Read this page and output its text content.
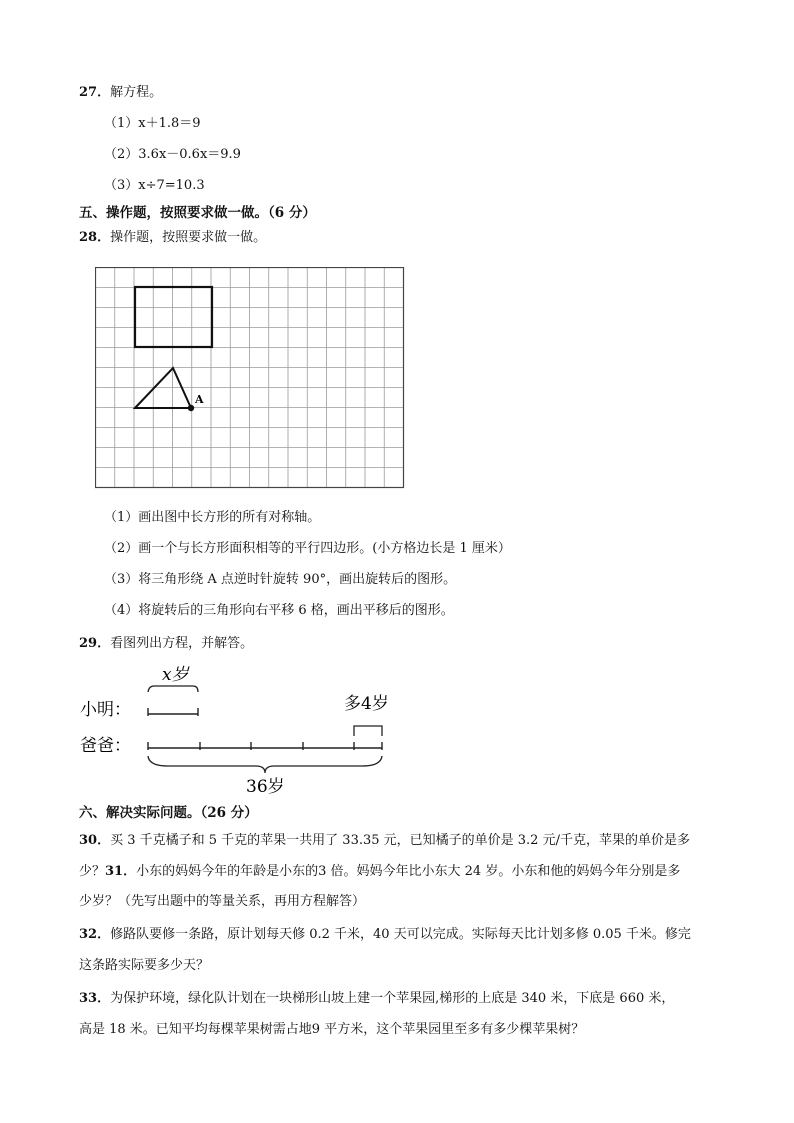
27．解方程。
（1）x＋1.8＝9
（2）3.6x－0.6x＝9.9
（3）x÷7=10.3
五、操作题，按照要求做一做。（6 分）
28．操作题，按照要求做一做。
A
（1）画出图中长方形的所有对称轴。
（2）画一个与长方形面积相等的平行四边形。(小方格边长是 1 厘米）
（3）将三角形绕 A 点逆时针旋转 90°，画出旋转后的图形。
（4）将旋转后的三角形向右平移 6 格，画出平移后的图形。
29．看图列出方程，并解答。
x岁
小明：	多4岁
爸爸：
36岁
六、解决实际问题。（26 分）
30．买 3 千克橘子和 5 千克的苹果一共用了 33.35 元，已知橘子的单价是 3.2 元/千克，苹果的单价是多
少？31．小东的妈妈今年的年龄是小东的3 倍。妈妈今年比小东大 24 岁。小东和他的妈妈今年分别是多
少岁？（先写出题中的等量关系，再用方程解答）
32．修路队要修一条路，原计划每天修 0.2 千米，40 天可以完成。实际每天比计划多修 0.05 千米。修完
这条路实际要多少天？
33．为保护环境，绿化队计划在一块梯形山坡上建一个苹果园,梯形的上底是 340 米，下底是 660 米，
高是 18 米。已知平均每棵苹果树需占地9 平方米，这个苹果园里至多有多少棵苹果树？
